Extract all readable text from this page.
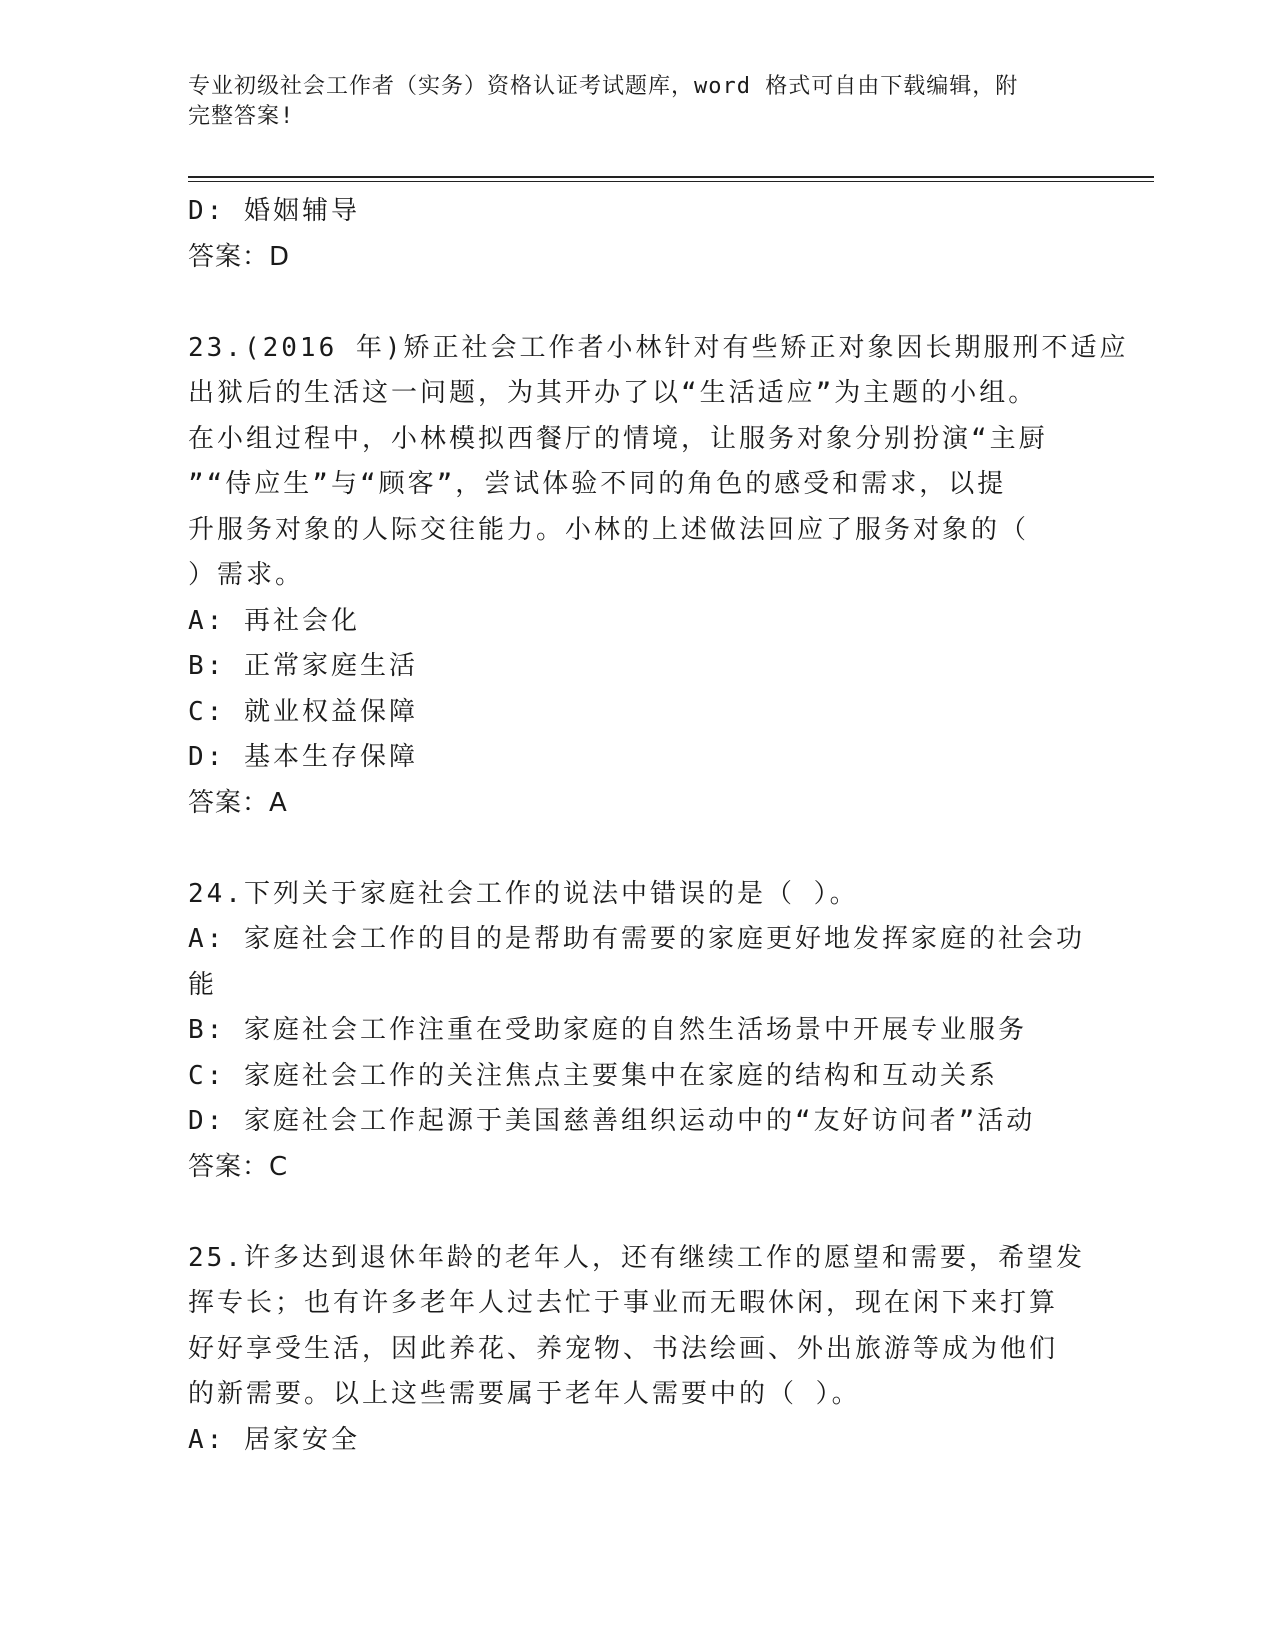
专业初级社会工作者（实务）资格认证考试题库，word 格式可自由下载编辑，附
完整答案!
D: 婚姻辅导
答案：D
23.(2016 年)矫正社会工作者小林针对有些矫正对象因长期服刑不适应
出狱后的生活这一问题，为其开办了以“生活适应”为主题的小组。
在小组过程中，小林模拟西餐厅的情境，让服务对象分别扮演“主厨
”“侍应生”与“顾客”，尝试体验不同的角色的感受和需求，以提
升服务对象的人际交往能力。小林的上述做法回应了服务对象的（
）需求。
A: 再社会化
B: 正常家庭生活
C: 就业权益保障
D: 基本生存保障
答案：A
24.下列关于家庭社会工作的说法中错误的是（ ）。
A: 家庭社会工作的目的是帮助有需要的家庭更好地发挥家庭的社会功
能
B: 家庭社会工作注重在受助家庭的自然生活场景中开展专业服务
C: 家庭社会工作的关注焦点主要集中在家庭的结构和互动关系
D: 家庭社会工作起源于美国慈善组织运动中的“友好访问者”活动
答案：C
25.许多达到退休年龄的老年人，还有继续工作的愿望和需要，希望发
挥专长；也有许多老年人过去忙于事业而无暇休闲，现在闲下来打算
好好享受生活，因此养花、养宠物、书法绘画、外出旅游等成为他们
的新需要。以上这些需要属于老年人需要中的（ ）。
A: 居家安全
